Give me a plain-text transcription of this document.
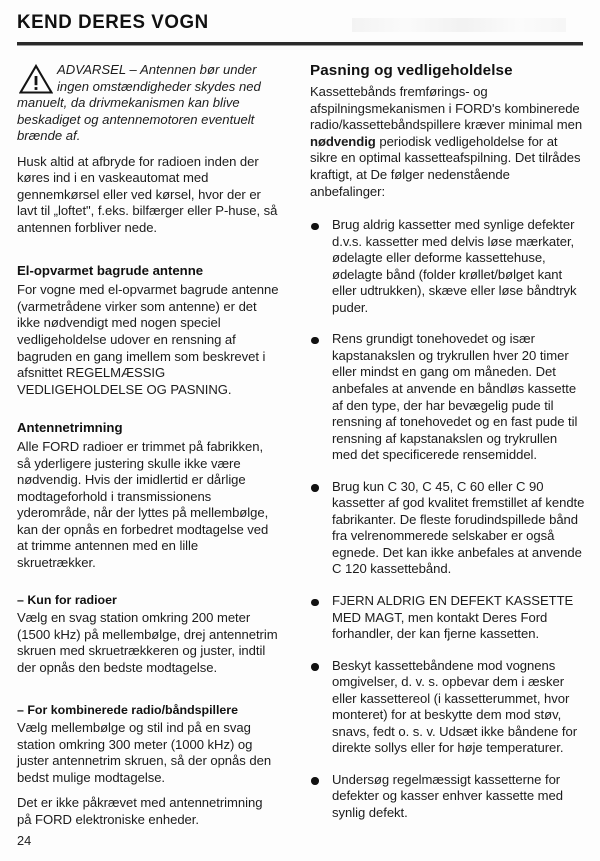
KEND DERES VOGN

ADVARSEL – Antennen bør under
ingen omstændigheder skydes ned
manuelt, da drivmekanismen kan blive beskadiget og antennemotoren eventuelt brænde af.

Husk altid at afbryde for radioen inden der køres ind i en vaskeautomat med gennemkørsel eller ved kørsel, hvor der er lavt til „loftet", f.eks. bilfærger eller P-huse, så antennen forbliver nede.

El-opvarmet bagrude antenne

For vogne med el-opvarmet bagrude antenne (varmetrådene virker som antenne) er det ikke nødvendigt med nogen speciel vedligeholdelse udover en rensning af bagruden en gang imellem som beskrevet i afsnittet REGELMÆSSIG VEDLIGEHOLDELSE OG PASNING.

Antennetrimning

Alle FORD radioer er trimmet på fabrikken, så yderligere justering skulle ikke være nødvendig. Hvis der imidlertid er dårlige modtageforhold i transmissionens yderområde, når der lyttes på mellembølge, kan der opnås en forbedret modtagelse ved at trimme antennen med en lille skruetrækker.

– Kun for radioer

Vælg en svag station omkring 200 meter (1500 kHz) på mellembølge, drej antennetrim skruen med skruetrækkeren og juster, indtil der opnås den bedste modtagelse.

– For kombinerede radio/båndspillere

Vælg mellembølge og stil ind på en svag station omkring 300 meter (1000 kHz) og juster antennetrim skruen, så der opnås den bedst mulige modtagelse.

Det er ikke påkrævet med antennetrimning på FORD elektroniske enheder.

Pasning og vedligeholdelse

Kassettebånds fremførings- og afspilningsmekanismen i FORD's kombinerede radio/kassettebåndspillere kræver minimal men nødvendig periodisk vedligeholdelse for at sikre en optimal kassetteafspilning. Det tilrådes kraftigt, at De følger nedenstående anbefalinger:

Brug aldrig kassetter med synlige defekter d.v.s. kassetter med delvis løse mærkater, ødelagte eller deforme kassettehuse, ødelagte bånd (folder krøllet/bølget kant eller udtrukken), skæve eller løse båndtryk puder.
Rens grundigt tonehovedet og især kapstanakslen og trykrullen hver 20 timer eller mindst en gang om måneden. Det anbefales at anvende en båndløs kassette af den type, der har bevægelig pude til rensning af tonehovedet og en fast pude til rensning af kapstanakslen og trykrullen med det specificerede rensemiddel.
Brug kun C 30, C 45, C 60 eller C 90 kassetter af god kvalitet fremstillet af kendte fabrikanter. De fleste forudindspillede bånd fra velrenommerede selskaber er også egnede. Det kan ikke anbefales at anvende C 120 kassettebånd.
FJERN ALDRIG EN DEFEKT KASSETTE MED MAGT, men kontakt Deres Ford forhandler, der kan fjerne kassetten.
Beskyt kassettebåndene mod vognens omgivelser, d. v. s. opbevar dem i æsker eller kassettereol (i kassetterummet, hvor monteret) for at beskytte dem mod støv, snavs, fedt o. s. v. Udsæt ikke båndene for direkte sollys eller for høje temperaturer.
Undersøg regelmæssigt kassetterne for defekter og kasser enhver kassette med synlig defekt.
24
